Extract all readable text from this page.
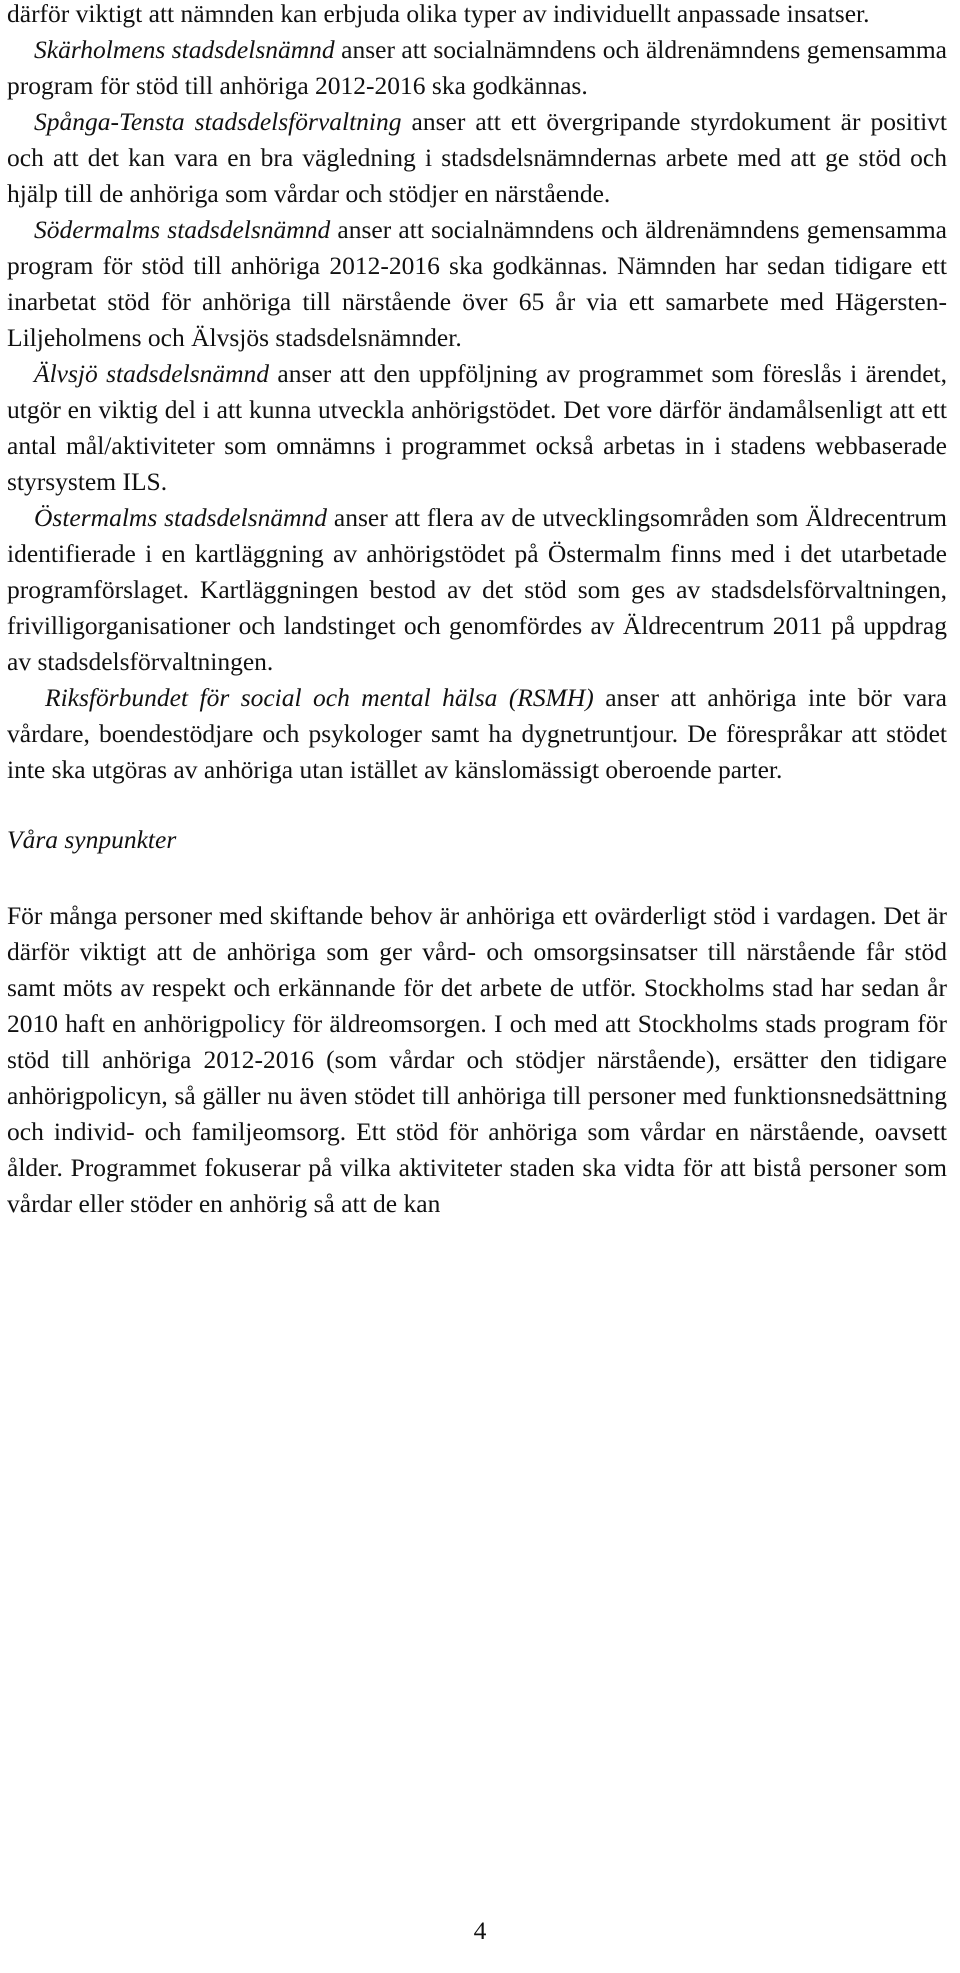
därför viktigt att nämnden kan erbjuda olika typer av individuellt anpassade insatser.

Skärholmens stadsdelsnämnd anser att socialnämndens och äldrenämndens gemensamma program för stöd till anhöriga 2012-2016 ska godkännas.

Spånga-Tensta stadsdelsförvaltning anser att ett övergripande styrdokument är positivt och att det kan vara en bra vägledning i stadsdelsnämndernas arbete med att ge stöd och hjälp till de anhöriga som vårdar och stödjer en närstående.

Södermalms stadsdelsnämnd anser att socialnämndens och äldrenämndens gemensamma program för stöd till anhöriga 2012-2016 ska godkännas. Nämnden har sedan tidigare ett inarbetat stöd för anhöriga till närstående över 65 år via ett samarbete med Hägersten-Liljeholmens och Älvsjös stadsdelsnämnder.

Älvsjö stadsdelsnämnd anser att den uppföljning av programmet som föreslås i ärendet, utgör en viktig del i att kunna utveckla anhörigstödet. Det vore därför ändamålsenligt att ett antal mål/aktiviteter som omnämns i programmet också arbetas in i stadens webbaserade styrsystem ILS.

Östermalms stadsdelsnämnd anser att flera av de utvecklingsområden som Äldrecentrum identifierade i en kartläggning av anhörigstödet på Östermalm finns med i det utarbetade programförslaget. Kartläggningen bestod av det stöd som ges av stadsdelsförvaltningen, frivilligorganisationer och landstinget och genomfördes av Äldrecentrum 2011 på uppdrag av stadsdelsförvaltningen.

Riksförbundet för social och mental hälsa (RSMH) anser att anhöriga inte bör vara vårdare, boendestödjare och psykologer samt ha dygnetruntjour. De förespråkar att stödet inte ska utgöras av anhöriga utan istället av känslomässigt oberoende parter.

Våra synpunkter

För många personer med skiftande behov är anhöriga ett ovärderligt stöd i vardagen. Det är därför viktigt att de anhöriga som ger vård- och omsorgsinsatser till närstående får stöd samt möts av respekt och erkännande för det arbete de utför. Stockholms stad har sedan år 2010 haft en anhörigpolicy för äldreomsorgen. I och med att Stockholms stads program för stöd till anhöriga 2012-2016 (som vårdar och stödjer närstående), ersätter den tidigare anhörigpolicyn, så gäller nu även stödet till anhöriga till personer med funktionsnedsättning och individ- och familjeomsorg. Ett stöd för anhöriga som vårdar en närstående, oavsett ålder. Programmet fokuserar på vilka aktiviteter staden ska vidta för att bistå personer som vårdar eller stöder en anhörig så att de kan

4
